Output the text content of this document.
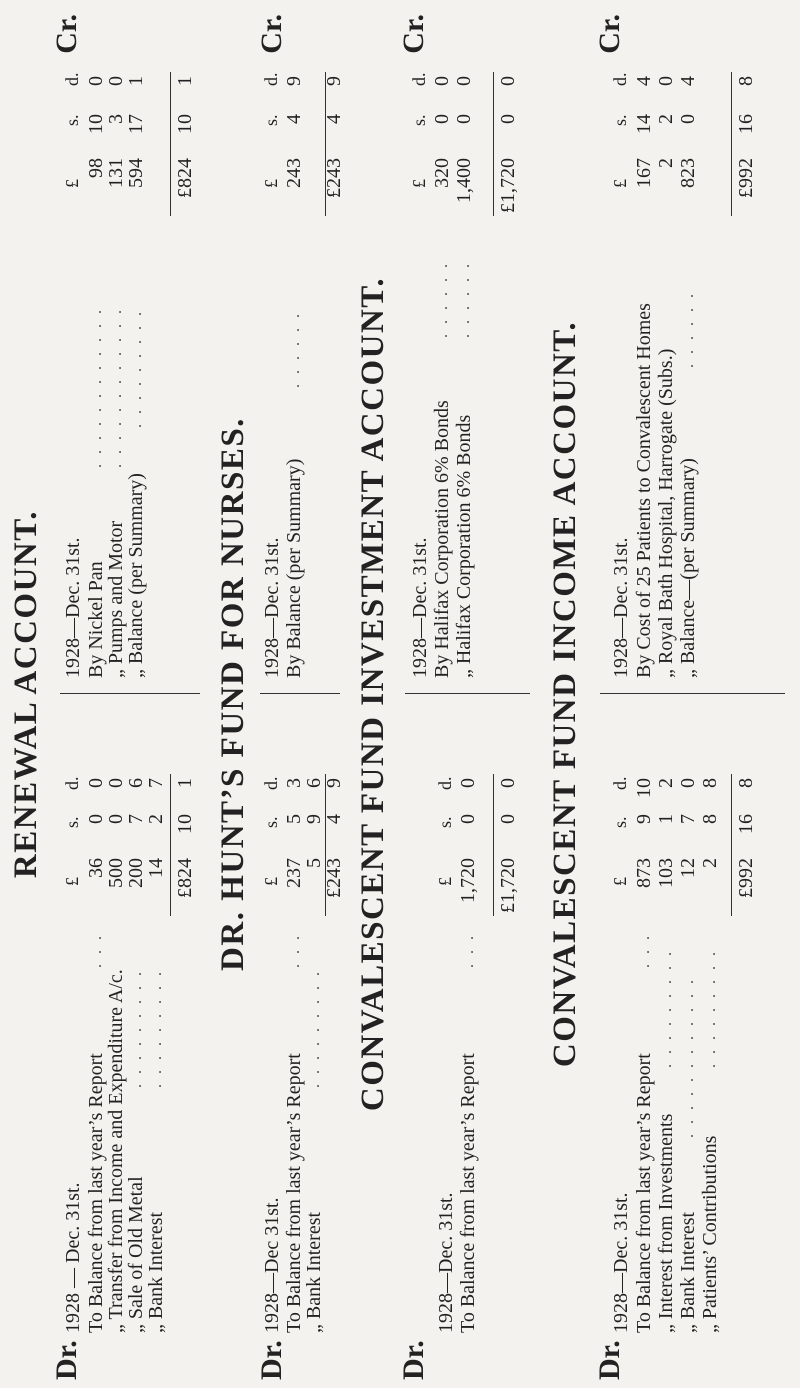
RENEWAL ACCOUNT.
Dr.
Cr.
1928 — Dec. 31st.
£
s.
d.
To Balance from last year’s Report
. . .
36
0
0
„ Transfer from Income and Expenditure A/c.
500
0
0
„ Sale of Old Metal
. . . . . . . . .
200
7
6
„ Bank Interest
. . . . . . . . .
14
2
7
£824
10
1
1928—Dec. 31st.
£
s.
d.
By Nickel Pan
. . . . . . . . . . . .
98
10
0
„ Pumps and Motor
. . . . . . . . . . . .
131
3
0
„ Balance (per Summary)
. . . . . . . . .
594
17
1
£824
10
1
DR. HUNT’S FUND FOR NURSES.
Dr.
Cr.
1928—Dec 31st.
£
s.
d.
To Balance from last year’s Report
. . .
237
5
3
„ Bank Interest
. . . . . . . . .
5
9
6
£243
4
9
1928—Dec. 31st.
£
s.
d.
By Balance (per Summary)
. . . . . .
243
4
9
£243
4
9
CONVALESCENT FUND INVESTMENT ACCOUNT.
Dr.
Cr.
1928—Dec. 31st.
£
s.
d.
To Balance from last year’s Report
. . .
1,720
0
0
£1,720
0
0
1928—Dec. 31st.
£
s.
d.
By Halifax Corporation 6% Bonds
. . . . . .
320
0
0
„ Halifax Corporation 6% Bonds
. . . . . .
1,400
0
0
£1,720
0
0
CONVALESCENT FUND INCOME ACCOUNT.
Dr.
Cr.
1928—Dec. 31st.
£
s.
d.
To Balance from last year’s Report
. . .
873
9
10
„ Interest from Investments
. . . . . . . . .
103
1
2
„ Bank Interest
. . . . . . . . . . . .
12
7
0
„ Patients’ Contributions
. . . . . . . . .
2
8
8
£992
16
8
1928—Dec. 31st.
£
s.
d.
By Cost of 25 Patients to Convalescent Homes
167
14
4
„ Royal Bath Hospital, Harrogate (Subs.)
2
2
0
„ Balance—(per Summary)
. . . . . .
823
0
4
£992
16
8
